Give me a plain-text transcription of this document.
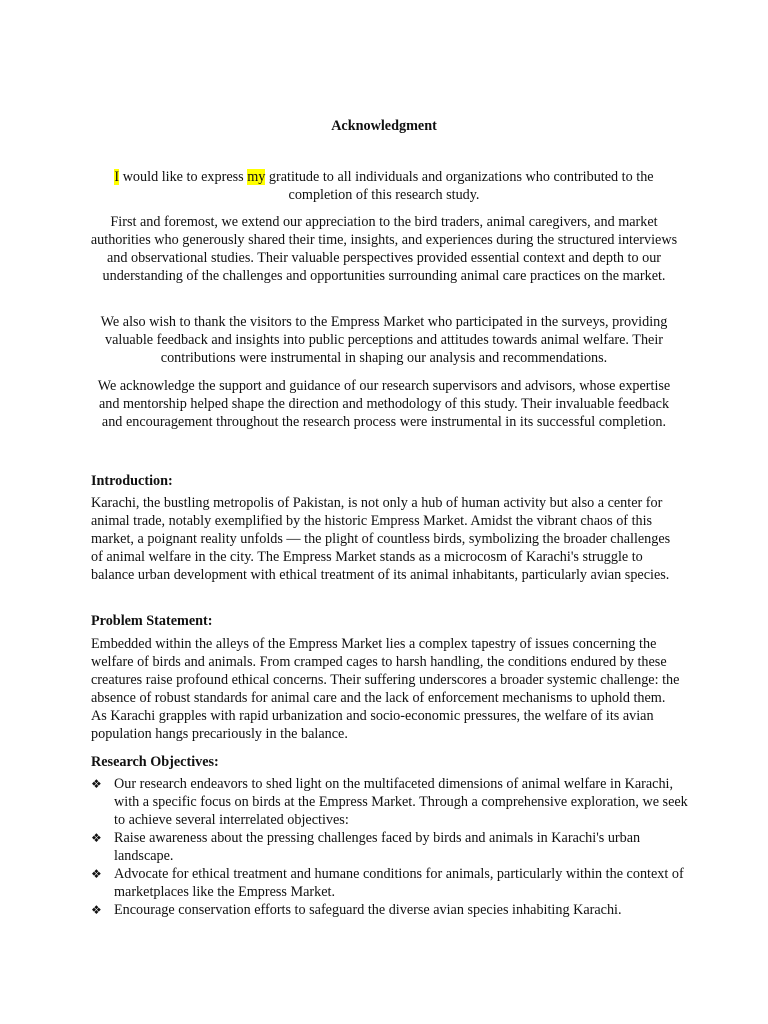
Acknowledgment

I would like to express my gratitude to all individuals and organizations who contributed to the completion of this research study.

First and foremost, we extend our appreciation to the bird traders, animal caregivers, and market authorities who generously shared their time, insights, and experiences during the structured interviews and observational studies. Their valuable perspectives provided essential context and depth to our understanding of the challenges and opportunities surrounding animal care practices on the market.

We also wish to thank the visitors to the Empress Market who participated in the surveys, providing valuable feedback and insights into public perceptions and attitudes towards animal welfare. Their contributions were instrumental in shaping our analysis and recommendations.

We acknowledge the support and guidance of our research supervisors and advisors, whose expertise and mentorship helped shape the direction and methodology of this study. Their invaluable feedback and encouragement throughout the research process were instrumental in its successful completion.

Introduction:

Karachi, the bustling metropolis of Pakistan, is not only a hub of human activity but also a center for animal trade, notably exemplified by the historic Empress Market. Amidst the vibrant chaos of this market, a poignant reality unfolds — the plight of countless birds, symbolizing the broader challenges of animal welfare in the city. The Empress Market stands as a microcosm of Karachi's struggle to balance urban development with ethical treatment of its animal inhabitants, particularly avian species.

Problem Statement:

Embedded within the alleys of the Empress Market lies a complex tapestry of issues concerning the welfare of birds and animals. From cramped cages to harsh handling, the conditions endured by these creatures raise profound ethical concerns. Their suffering underscores a broader systemic challenge: the absence of robust standards for animal care and the lack of enforcement mechanisms to uphold them. As Karachi grapples with rapid urbanization and socio-economic pressures, the welfare of its avian population hangs precariously in the balance.

Research Objectives:
❖ Our research endeavors to shed light on the multifaceted dimensions of animal welfare in Karachi, with a specific focus on birds at the Empress Market. Through a comprehensive exploration, we seek to achieve several interrelated objectives:
❖ Raise awareness about the pressing challenges faced by birds and animals in Karachi's urban landscape.
❖ Advocate for ethical treatment and humane conditions for animals, particularly within the context of marketplaces like the Empress Market.
❖ Encourage conservation efforts to safeguard the diverse avian species inhabiting Karachi.
